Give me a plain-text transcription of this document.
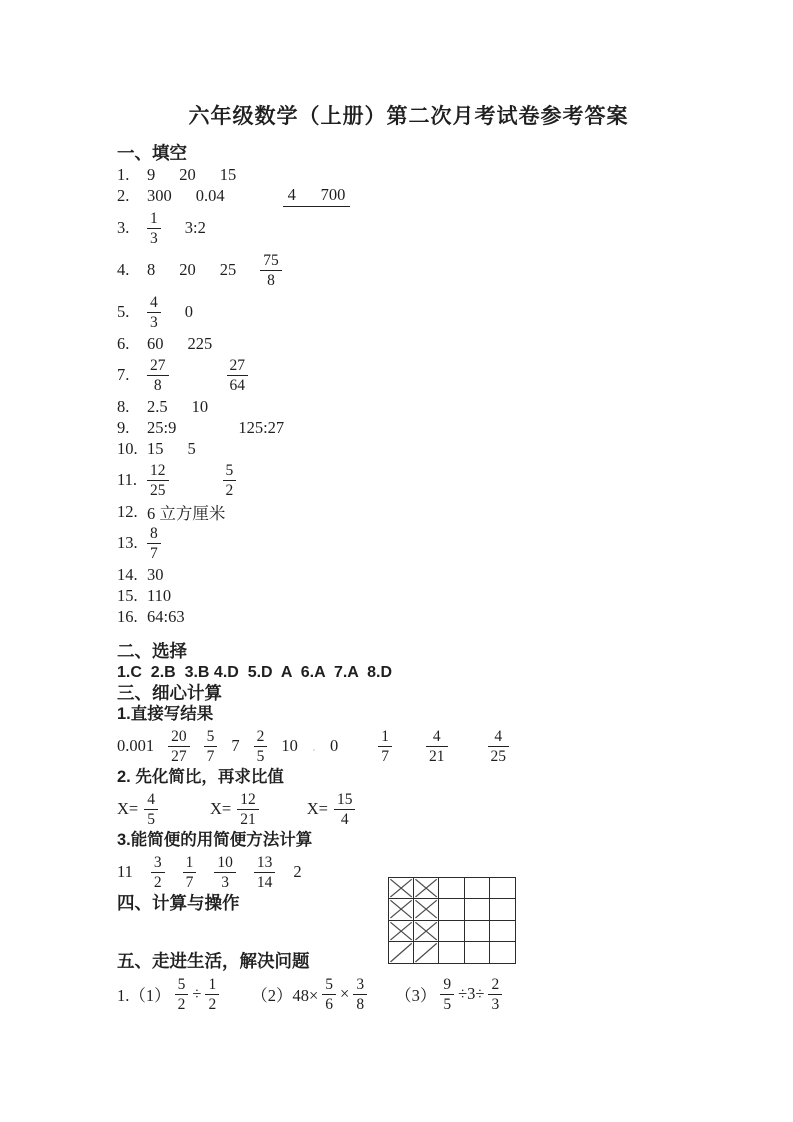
六年级数学（上册）第二次月考试卷参考答案
一、填空
1.	9 20 15
2.	300 0.04	4      700
3.	$\frac{1}{3}$ 3:2
4.	8 20 $25 \frac{75}{8}$
5.	$\frac{4}{3} 0$
6.	60 225
7.	$\frac{27}{8}$	$\frac{27}{64}$
8.	2.5 10
9.	25:9	125:27
10. 15 5
11. $\frac{12}{25}$	$\frac{5}{2}$
12. 6 立方厘米
13. $\frac{8}{7}$
14. 30
15. 110
16. 64:63
二、选择
1.C  2.B  3.B 4.D  5.D  A  6.A  7.A  8.D
三、细心计算
1.直接写结果
$0.001 \frac{20}{27} \frac{5}{7} 7 \frac{2}{5} 10$ . 0	$\frac{1}{7} \frac{4}{21}$	$\frac{4}{25}$
2. 先化简比，再求比值
$X= \frac{4}{5}$	$X= \frac{12}{21}$	$X= \frac{15}{4}$
3.能简便的用简便方法计算
$11 \frac{3}{2} \frac{1}{7} \frac{10}{3} \frac{13}{14} 2$
四、计算与操作
五、走进生活，解决问题
$1.(1) \frac{5}{2} \div \frac{1}{2} (2)48\times \frac{5}{6} \times \frac{3}{8} (3) \frac{9}{5} \div 3\div \frac{2}{3}$
